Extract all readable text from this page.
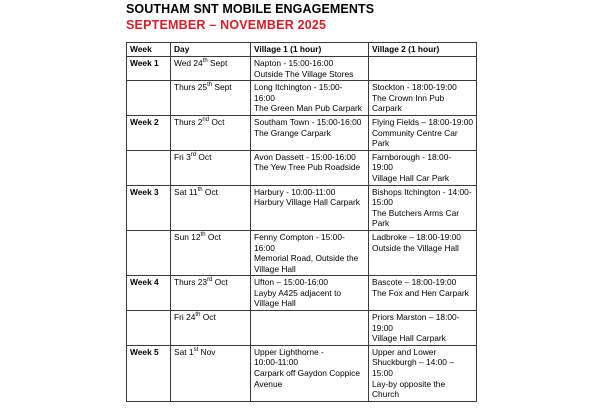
SOUTHAM SNT MOBILE ENGAGEMENTS
SEPTEMBER – NOVEMBER 2025
Week	Day	Village 1 (1 hour)	Village 2 (1 hour)
Week 1	Wed 24th Sept	Napton - 15:00-16:00
Outside The Village Stores	

	Thurs 25th Sept	Long Itchington - 15:00-
16:00
The Green Man Pub Carpark	Stockton - 18:00-19:00
The Crown Inn Pub
Carpark

Week 2	Thurs 2nd Oct	Southam Town - 15:00-16:00
The Grange Carpark	Flying Fields – 18:00-19:00
Community Centre Car
Park

	Fri 3rd Oct	Avon Dassett - 15:00-16:00
The Yew Tree Pub Roadside	Farnborough - 18:00-
19:00
Village Hall Car Park

Week 3	Sat 11th Oct	Harbury - 10:00-11:00
Harbury Village Hall Carpark	Bishops Itchington - 14:00-
15:00
The Butchers Arms Car
Park

	Sun 12th Oct	Fenny Compton - 15:00-
16:00
Memorial Road, Outside the
Village Hall	Ladbroke – 18:00-19:00
Outside the Village Hall

Week 4	Thurs 23rd Oct	Ufton – 15:00-16:00
Layby A425 adjacent to
Village Hall	Bascote – 18:00-19:00
The Fox and Hen Carpark

	Fri 24th Oct		Priors Marston – 18:00-
19:00
Village Hall Carpark

Week 5	Sat 1st Nov	Upper Lighthorne -
10:00-11:00
Carpark off Gaydon Coppice
Avenue	Upper and Lower
Shuckburgh – 14:00 –
15:00
Lay-by opposite the
Church
